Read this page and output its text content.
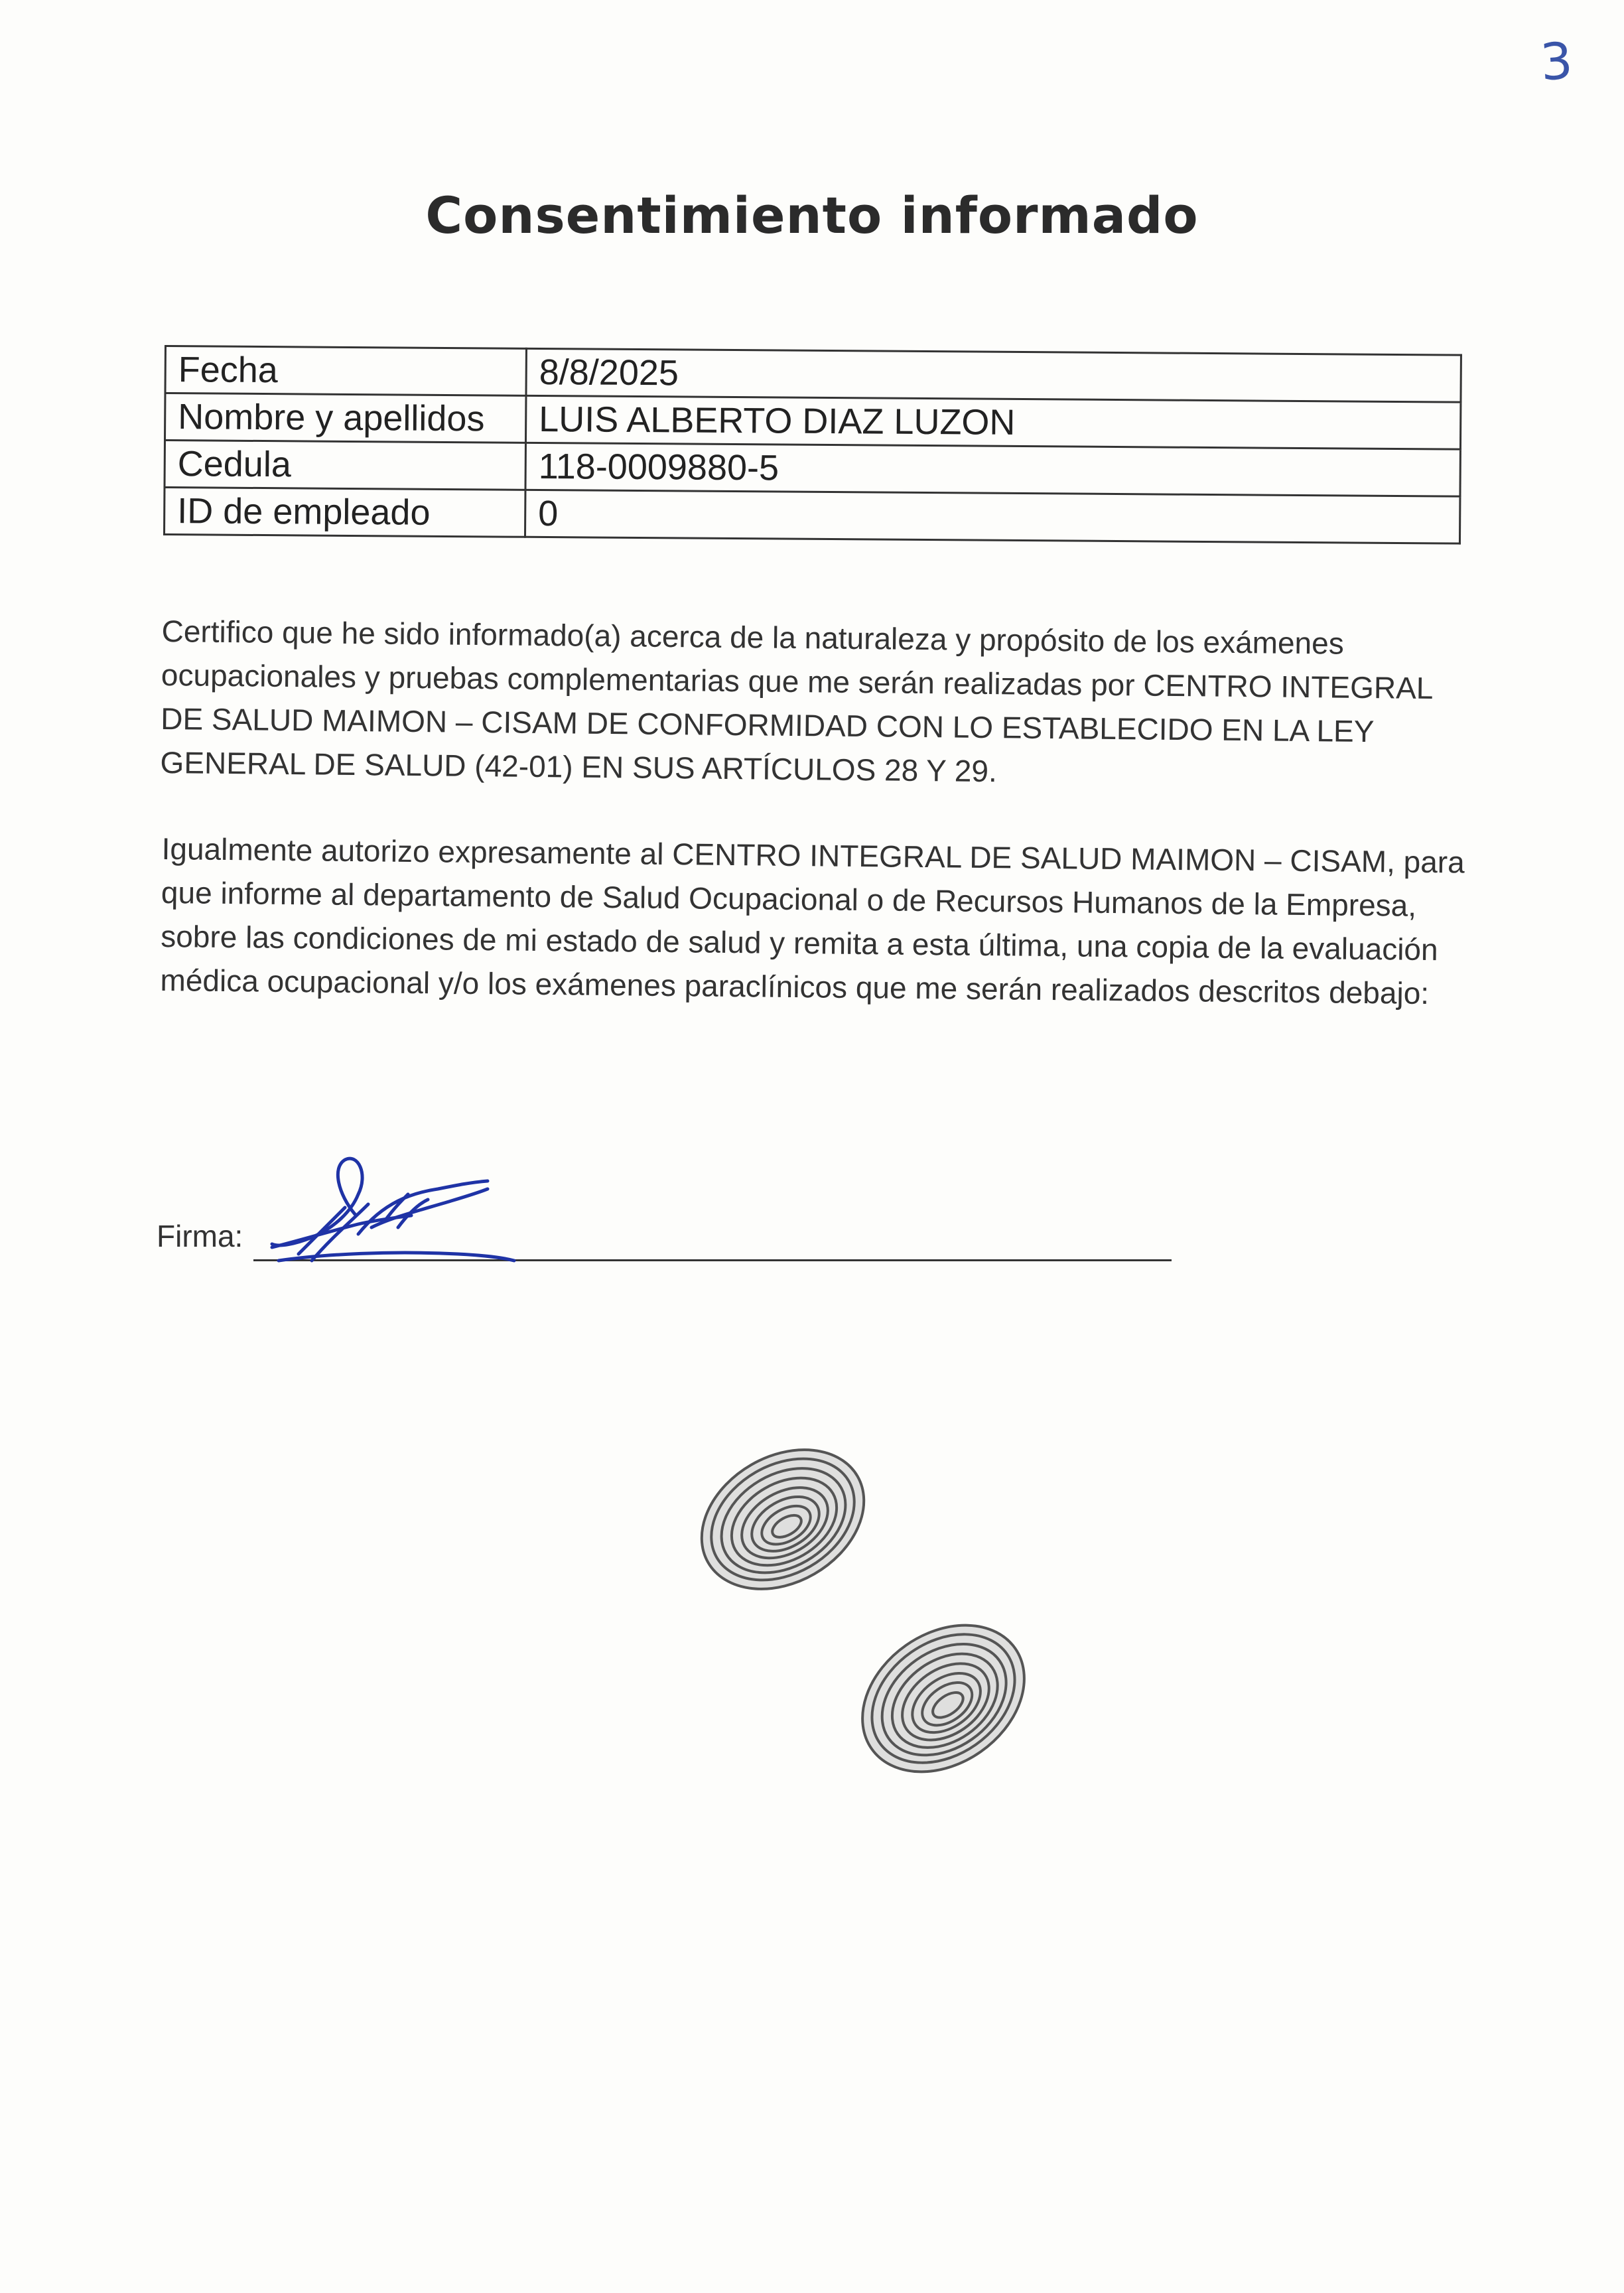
3
Consentimiento informado
Fecha	8/8/2025
Nombre y apellidos	LUIS ALBERTO DIAZ LUZON
Cedula	118-0009880-5
ID de empleado	0

Certifico que he sido informado(a) acerca de la naturaleza y propósito de los exámenes ocupacionales y pruebas complementarias que me serán realizadas por CENTRO INTEGRAL DE SALUD MAIMON – CISAM DE CONFORMIDAD CON LO ESTABLECIDO EN LA LEY GENERAL DE SALUD (42-01) EN SUS ARTÍCULOS 28 Y 29.

Igualmente autorizo expresamente al CENTRO INTEGRAL DE SALUD MAIMON – CISAM, para que informe al departamento de Salud Ocupacional o de Recursos Humanos de la Empresa, sobre las condiciones de mi estado de salud y remita a esta última, una copia de la evaluación médica ocupacional y/o los exámenes paraclínicos que me serán realizados descritos debajo:

Firma:
